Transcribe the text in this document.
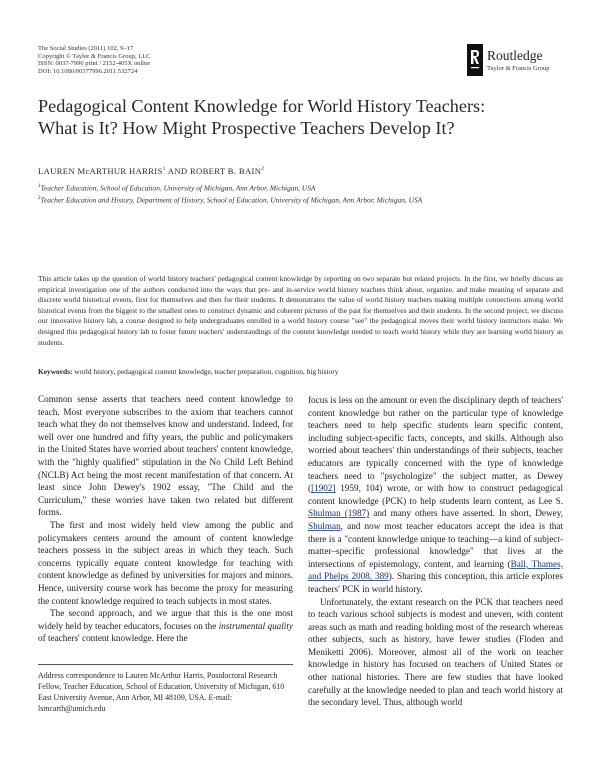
The Social Studies (2011) 102, 9–17
Copyright © Taylor & Francis Group, LLC
ISSN: 0037-7996 print / 2152-405X online
DOI: 10.1080/00377996.2011.532724
Routledge
Taylor & Francis Group
Pedagogical Content Knowledge for World History Teachers:
What is It? How Might Prospective Teachers Develop It?
LAUREN McARTHUR HARRIS$^1$ AND ROBERT B. BAIN$^2$
$^1$Teacher Education, School of Education, University of Michigan, Ann Arbor, Michigan, USA
$^2$Teacher Education and History, Department of History, School of Education, University of Michigan, Ann Arbor, Michigan, USA
This article takes up the question of world history teachers' pedagogical content knowledge by reporting on two separate but related projects. In the first, we briefly discuss an empirical investigation one of the authors conducted into the ways that pre- and in-service world history teachers think about, organize, and make meaning of separate and discrete world historical events, first for themselves and then for their students. It demonstrates the value of world history teachers making multiple connections among world historical events from the biggest to the smallest ones to construct dynamic and coherent pictures of the past for themselves and their students. In the second project, we discuss our innovative history lab, a course designed to help undergraduates enrolled in a world history course "see" the pedagogical moves their world history instructors make. We designed this pedagogical history lab to foster future teachers' understandings of the content knowledge needed to teach world history while they are learning world history as students.
Keywords: world history, pedagogical content knowledge, teacher preparation, cognition, big history

Common sense asserts that teachers need content knowledge to teach. Most everyone subscribes to the axiom that teachers cannot teach what they do not themselves know and understand. Indeed, for well over one hundred and fifty years, the public and policymakers in the United States have worried about teachers' content knowledge, with the "highly qualified" stipulation in the No Child Left Behind (NCLB) Act being the most recent manifestation of that concern. At least since John Dewey's 1902 essay, "The Child and the Curriculum," these worries have taken two related but different forms.

The first and most widely held view among the public and policymakers centers around the amount of content knowledge teachers possess in the subject areas in which they teach. Such concerns typically equate content knowledge for teaching with content knowledge as defined by universities for majors and minors. Hence, university course work has become the proxy for measuring the content knowledge required to teach subjects in most states.

The second approach, and we argue that this is the one most widely held by teacher educators, focuses on the instrumental quality of teachers' content knowledge. Here the

focus is less on the amount or even the disciplinary depth of teachers' content knowledge but rather on the particular type of knowledge teachers need to help specific students learn specific content, including subject-specific facts, concepts, and skills. Although also worried about teachers' thin understandings of their subjects, teacher educators are typically concerned with the type of knowledge teachers need to "psychologize" the subject matter, as Dewey ([1902] 1959, 104) wrote, or with how to construct pedagogical content knowledge (PCK) to help students learn content, as Lee S. Shulman (1987) and many others have asserted. In short, Dewey, Shulman, and now most teacher educators accept the idea is that there is a "content knowledge unique to teaching—a kind of subject-matter–specific professional knowledge" that lives at the intersections of epistemology, content, and learning (Ball, Thames, and Phelps 2008, 389). Sharing this conception, this article explores teachers' PCK in world history.

Unfortunately, the extant research on the PCK that teachers need to teach various school subjects is modest and uneven, with content areas such as math and reading holding most of the research whereas other subjects, such as history, have fewer studies (Floden and Meniketti 2006). Moreover, almost all of the work on teacher knowledge in history has focused on teachers of United States or other national histories. There are few studies that have looked carefully at the knowledge needed to plan and teach world history at the secondary level. Thus, although world

Address correspondence to Lauren McArthur Harris, Postdoctoral Research Fellow, Teacher Education, School of Education, University of Michigan, 610 East University Avenue, Ann Arbor, MI 48109, USA. E-mail: lsmcarth@umich.edu
